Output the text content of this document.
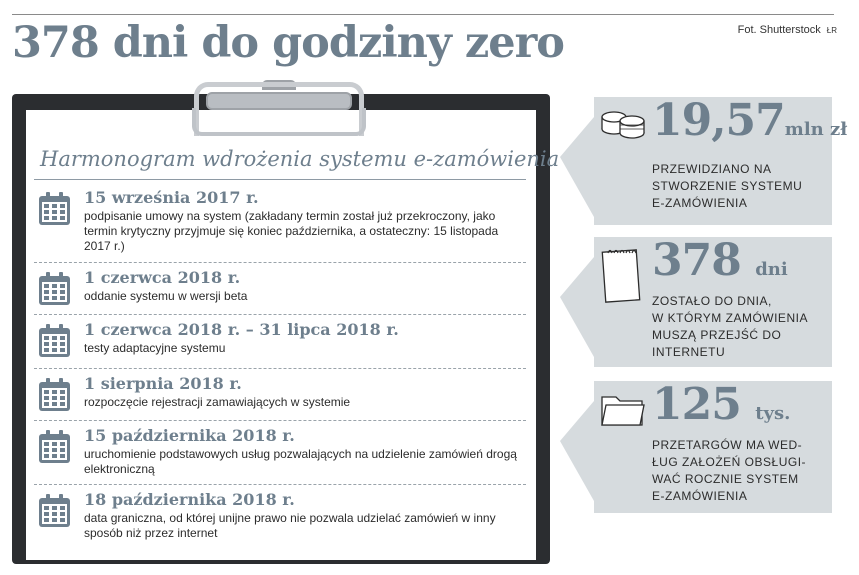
378 dni do godziny zero	Fot. Shutterstock ŁR
Harmonogram wdrożenia systemu e-zamówienia
15 września 2017 r.
podpisanie umowy na system (zakładany termin został już przekroczony, jako termin krytyczny przyjmuje się koniec października, a ostateczny: 15 listopada 2017 r.)
1 czerwca 2018 r.
oddanie systemu w wersji beta
1 czerwca 2018 r. – 31 lipca 2018 r.
testy adaptacyjne systemu
1 sierpnia 2018 r.
rozpoczęcie rejestracji zamawiających w systemie
15 października 2018 r.
uruchomienie podstawowych usług pozwalających na udzielenie zamówień drogą elektroniczną
18 października 2018 r.
data graniczna, od której unijne prawo nie pozwala udzielać zamówień w inny sposób niż przez internet
19,57mln zł
PRZEWIDZIANO NA
STWORZENIE SYSTEMU
E-ZAMÓWIENIA
378 dni
ZOSTAŁO DO DNIA,
W KTÓRYM ZAMÓWIENIA
MUSZĄ PRZEJŚĆ DO
INTERNETU
125 tys.
PRZETARGÓW MA WED-
ŁUG ZAŁOŻEŃ OBSŁUGI-
WAĆ ROCZNIE SYSTEM
E-ZAMÓWIENIA
